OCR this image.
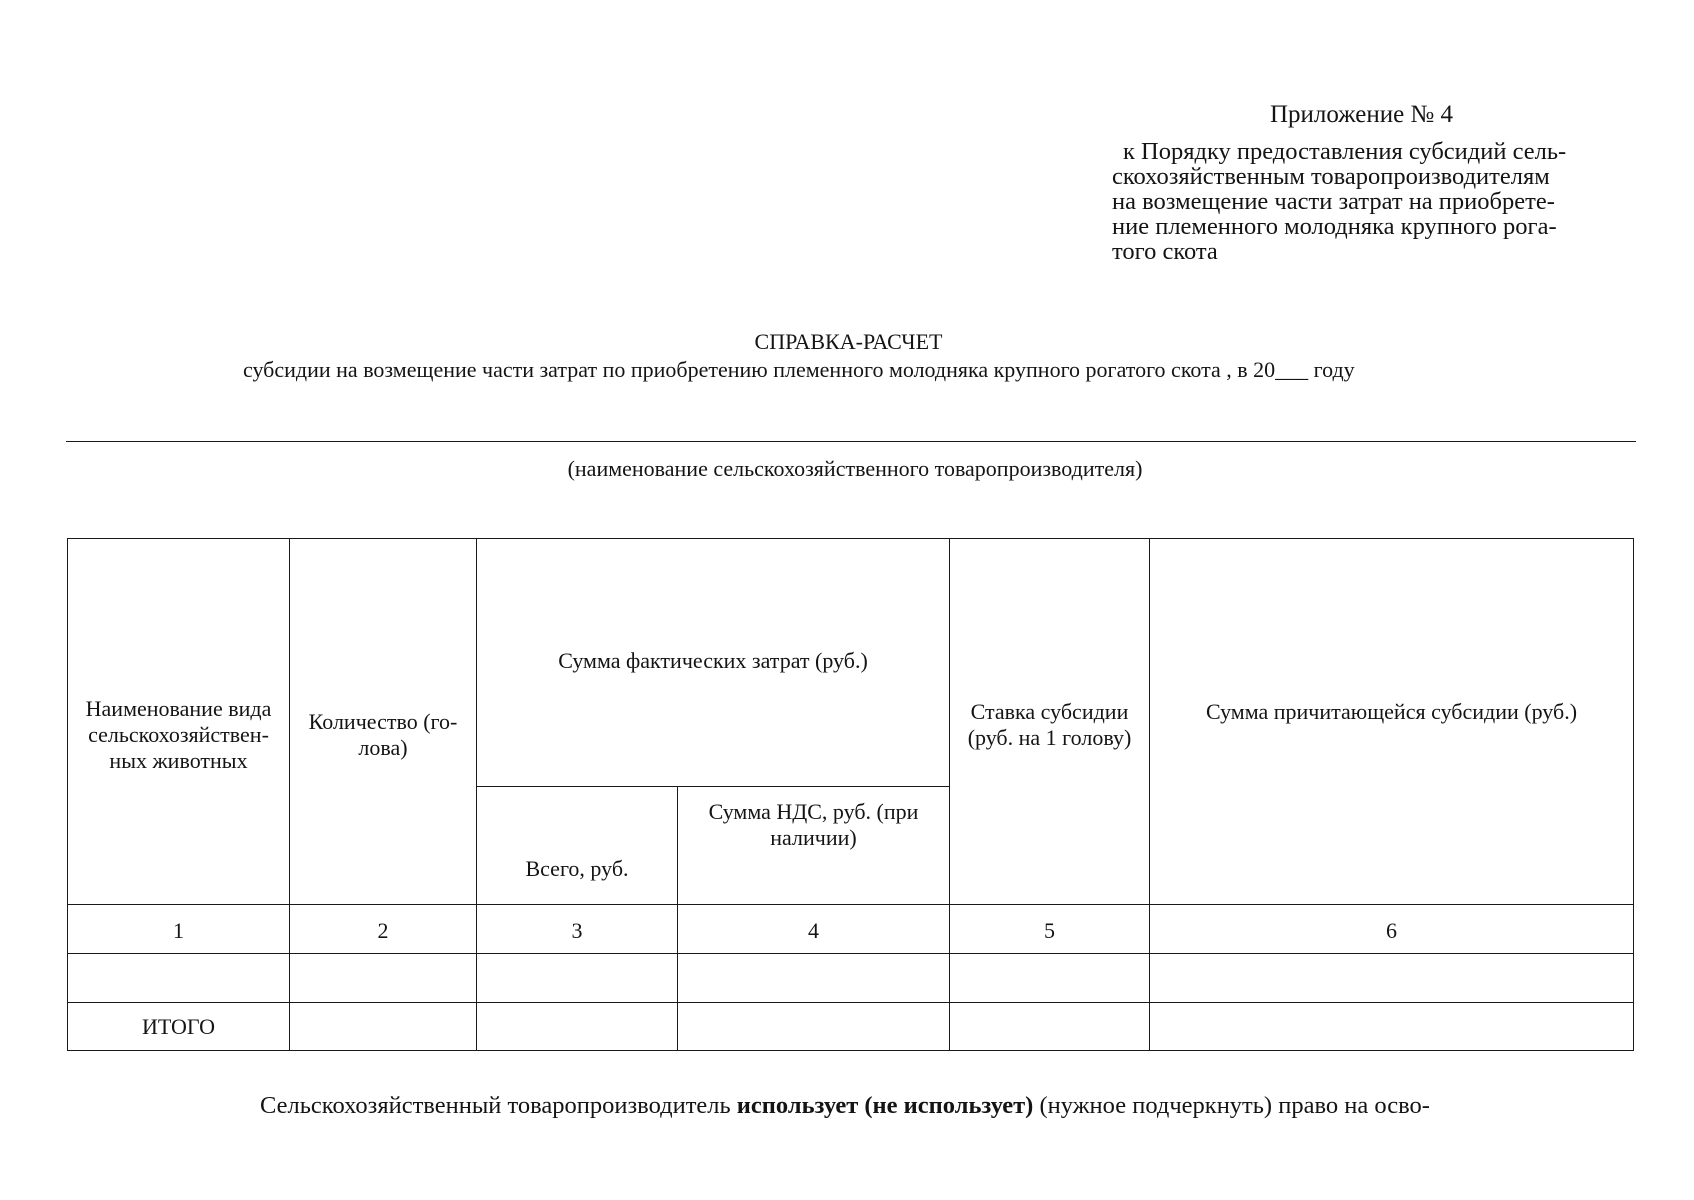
Приложение № 4
к Порядку предоставления субсидий сель-
скохозяйственным товаропроизводителям
на возмещение части затрат на приобрете-
ние племенного молодняка крупного рога-
того скота
СПРАВКА-РАСЧЕТ
субсидии на возмещение части затрат по приобретению племенного молодняка крупного рогатого скота , в 20___ году
(наименование сельскохозяйственного товаропроизводителя)
Наименование вида сельскохозяйствен-ных животных	Количество (го-лова)	Сумма фактических затрат (руб.)		Ставка субсидии (руб. на 1 голову)	Сумма причитающейся субсидии (руб.)
		Всего, руб.	Сумма НДС, руб. (при наличии)		
1	2	3	4	5	6

ИТОГО					
Сельскохозяйственный товаропроизводитель использует (не использует) (нужное подчеркнуть) право на осво-
